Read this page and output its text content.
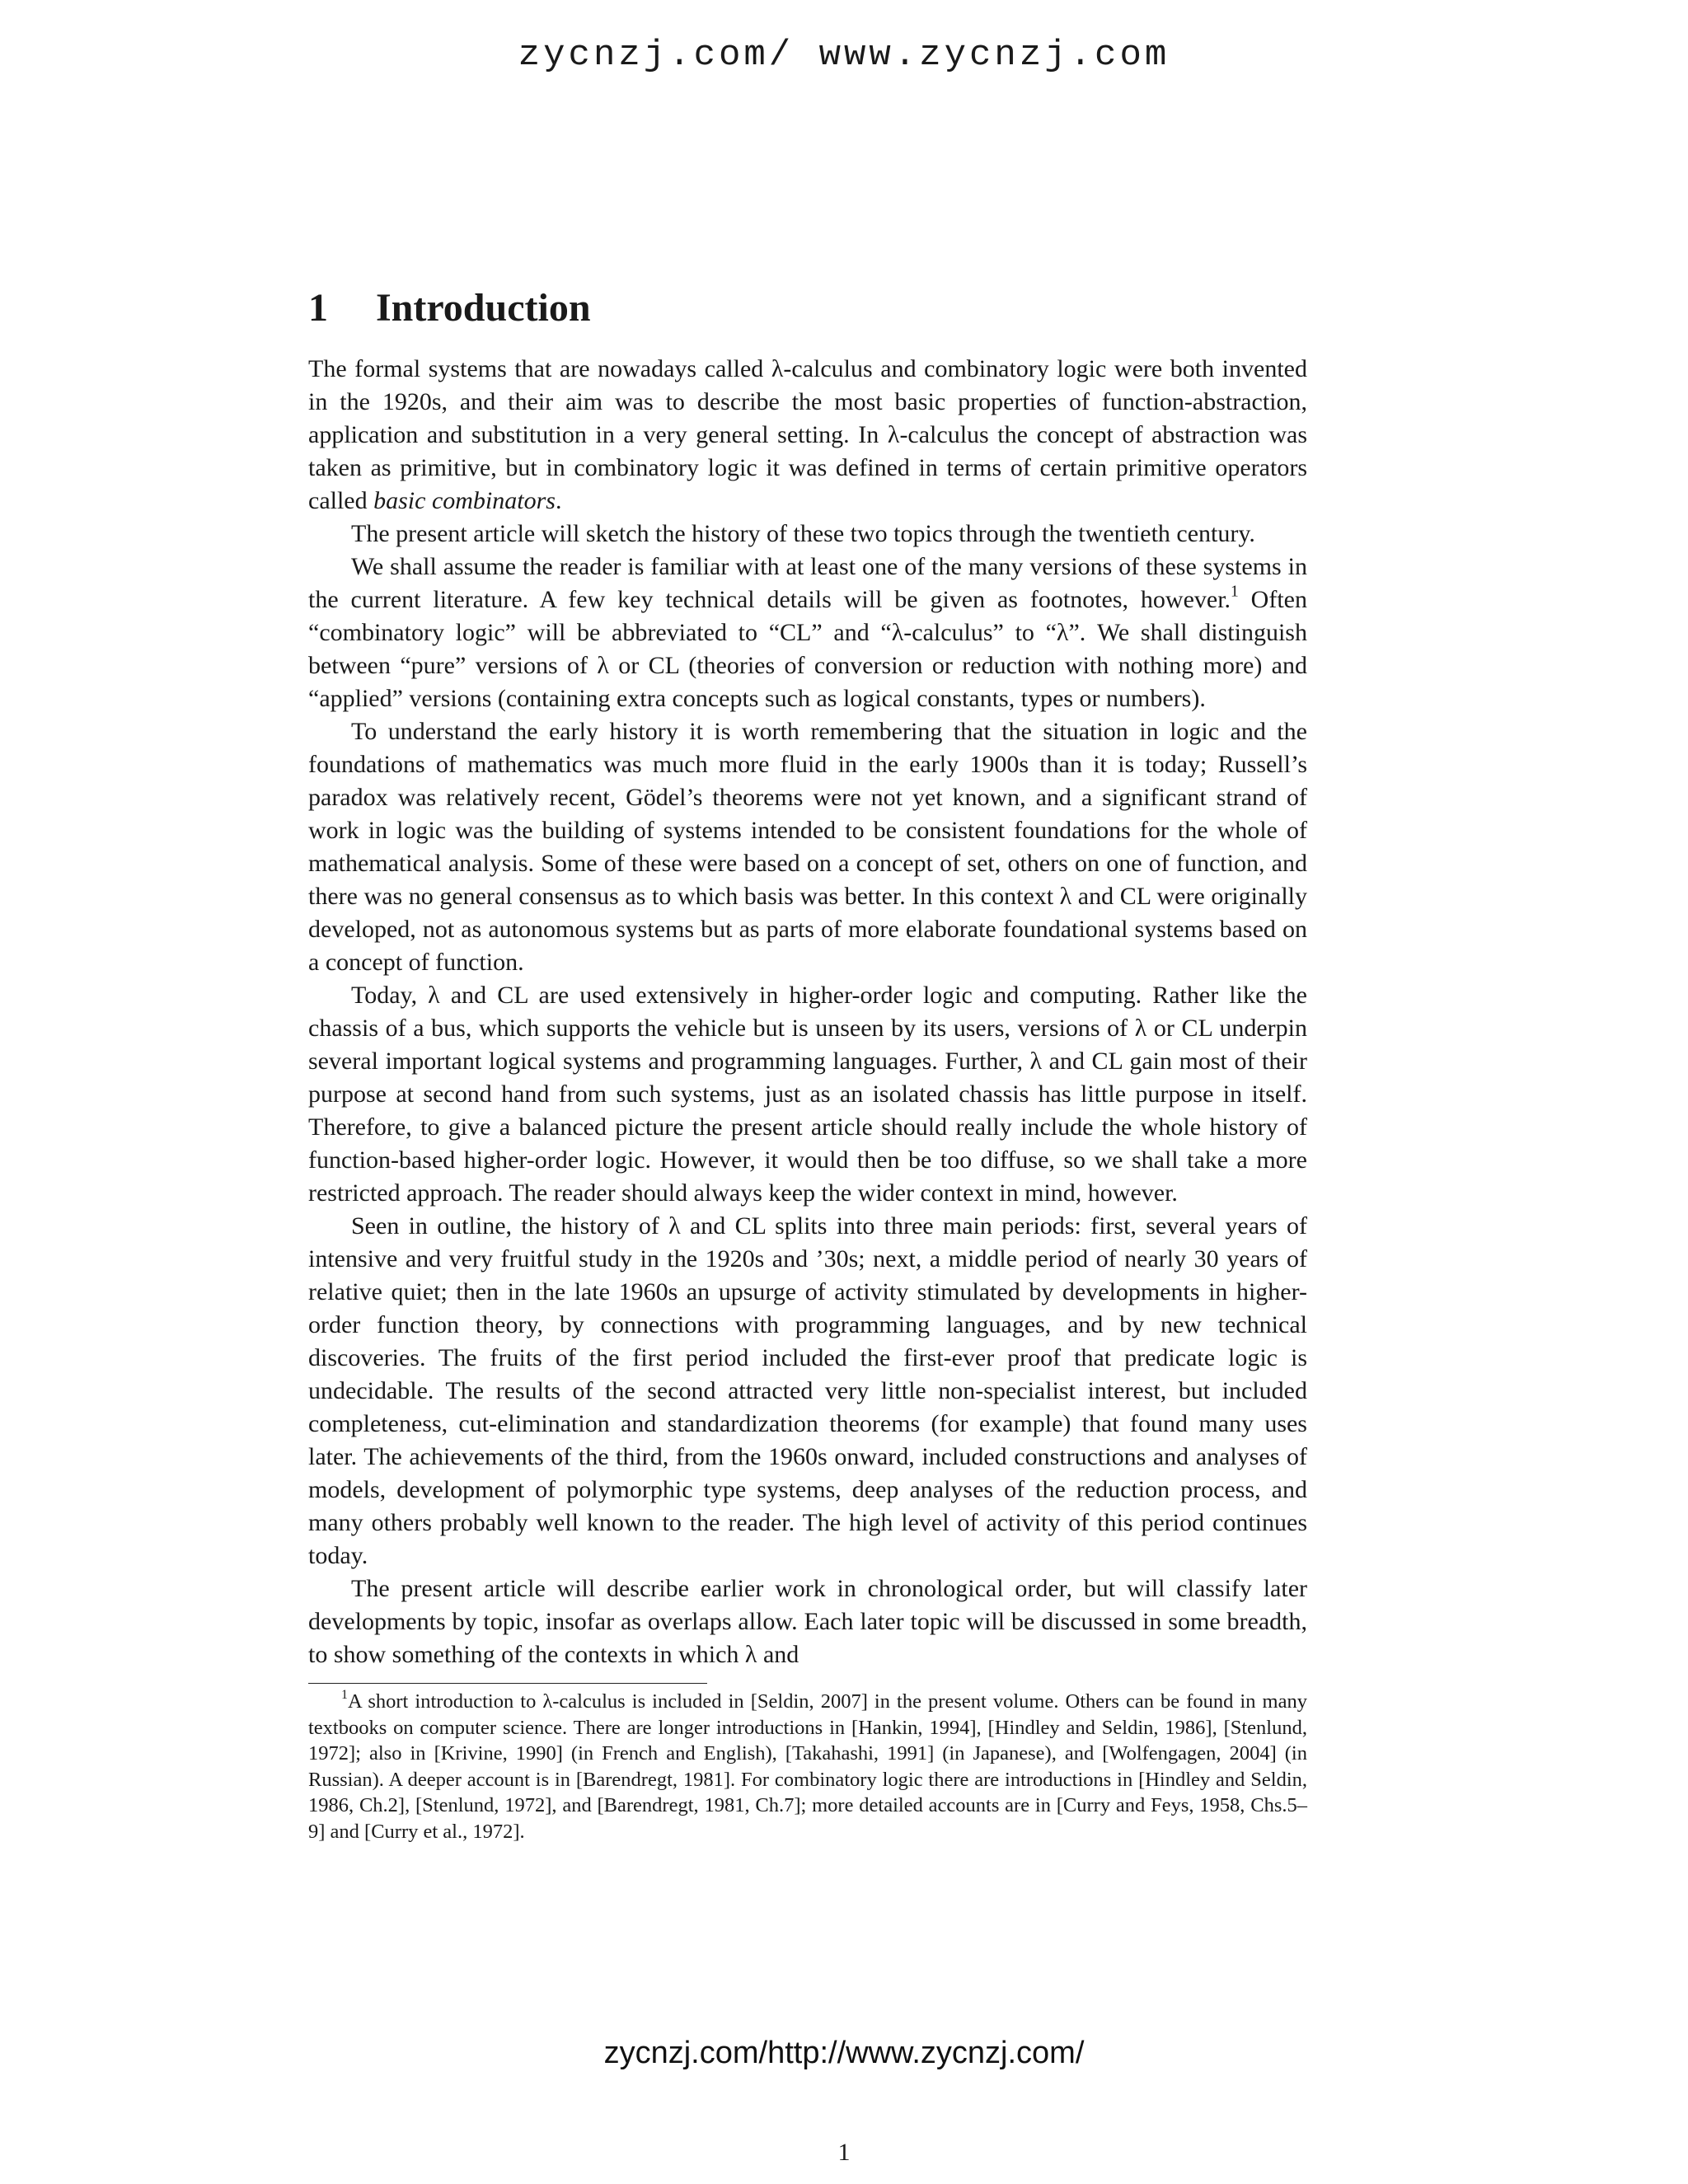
zycnzj.com/ www.zycnzj.com
1 Introduction

The formal systems that are nowadays called λ-calculus and combinatory logic were both invented in the 1920s, and their aim was to describe the most basic properties of function-abstraction, application and substitution in a very general setting. In λ-calculus the concept of abstraction was taken as primitive, but in combinatory logic it was defined in terms of certain primitive operators called basic combinators.

The present article will sketch the history of these two topics through the twentieth century.

We shall assume the reader is familiar with at least one of the many versions of these systems in the current literature. A few key technical details will be given as footnotes, however.$^1$ Often “combinatory logic” will be abbreviated to “CL” and “λ-calculus” to “λ”. We shall distinguish between “pure” versions of λ or CL (theories of conversion or reduction with nothing more) and “applied” versions (containing extra concepts such as logical constants, types or numbers).

To understand the early history it is worth remembering that the situation in logic and the foundations of mathematics was much more fluid in the early 1900s than it is today; Russell’s paradox was relatively recent, Gödel’s theorems were not yet known, and a significant strand of work in logic was the building of systems intended to be consistent foundations for the whole of mathematical analysis. Some of these were based on a concept of set, others on one of function, and there was no general consensus as to which basis was better. In this context λ and CL were originally developed, not as autonomous systems but as parts of more elaborate foundational systems based on a concept of function.

Today, λ and CL are used extensively in higher-order logic and computing. Rather like the chassis of a bus, which supports the vehicle but is unseen by its users, versions of λ or CL underpin several important logical systems and programming languages. Further, λ and CL gain most of their purpose at second hand from such systems, just as an isolated chassis has little purpose in itself. Therefore, to give a balanced picture the present article should really include the whole history of function-based higher-order logic. However, it would then be too diffuse, so we shall take a more restricted approach. The reader should always keep the wider context in mind, however.

Seen in outline, the history of λ and CL splits into three main periods: first, several years of intensive and very fruitful study in the 1920s and ’30s; next, a middle period of nearly 30 years of relative quiet; then in the late 1960s an upsurge of activity stimulated by developments in higher-order function theory, by connections with programming languages, and by new technical discoveries. The fruits of the first period included the first-ever proof that predicate logic is undecidable. The results of the second attracted very little non-specialist interest, but included completeness, cut-elimination and standardization theorems (for example) that found many uses later. The achievements of the third, from the 1960s onward, included constructions and analyses of models, development of polymorphic type systems, deep analyses of the reduction process, and many others probably well known to the reader. The high level of activity of this period continues today.

The present article will describe earlier work in chronological order, but will classify later developments by topic, insofar as overlaps allow. Each later topic will be discussed in some breadth, to show something of the contexts in which λ and

$^1$A short introduction to λ-calculus is included in [Seldin, 2007] in the present volume. Others can be found in many textbooks on computer science. There are longer introductions in [Hankin, 1994], [Hindley and Seldin, 1986], [Stenlund, 1972]; also in [Krivine, 1990] (in French and English), [Takahashi, 1991] (in Japanese), and [Wolfengagen, 2004] (in Russian). A deeper account is in [Barendregt, 1981]. For combinatory logic there are introductions in [Hindley and Seldin, 1986, Ch.2], [Stenlund, 1972], and [Barendregt, 1981, Ch.7]; more detailed accounts are in [Curry and Feys, 1958, Chs.5–9] and [Curry et al., 1972].

zycnzj.com/http://www.zycnzj.com/
1
